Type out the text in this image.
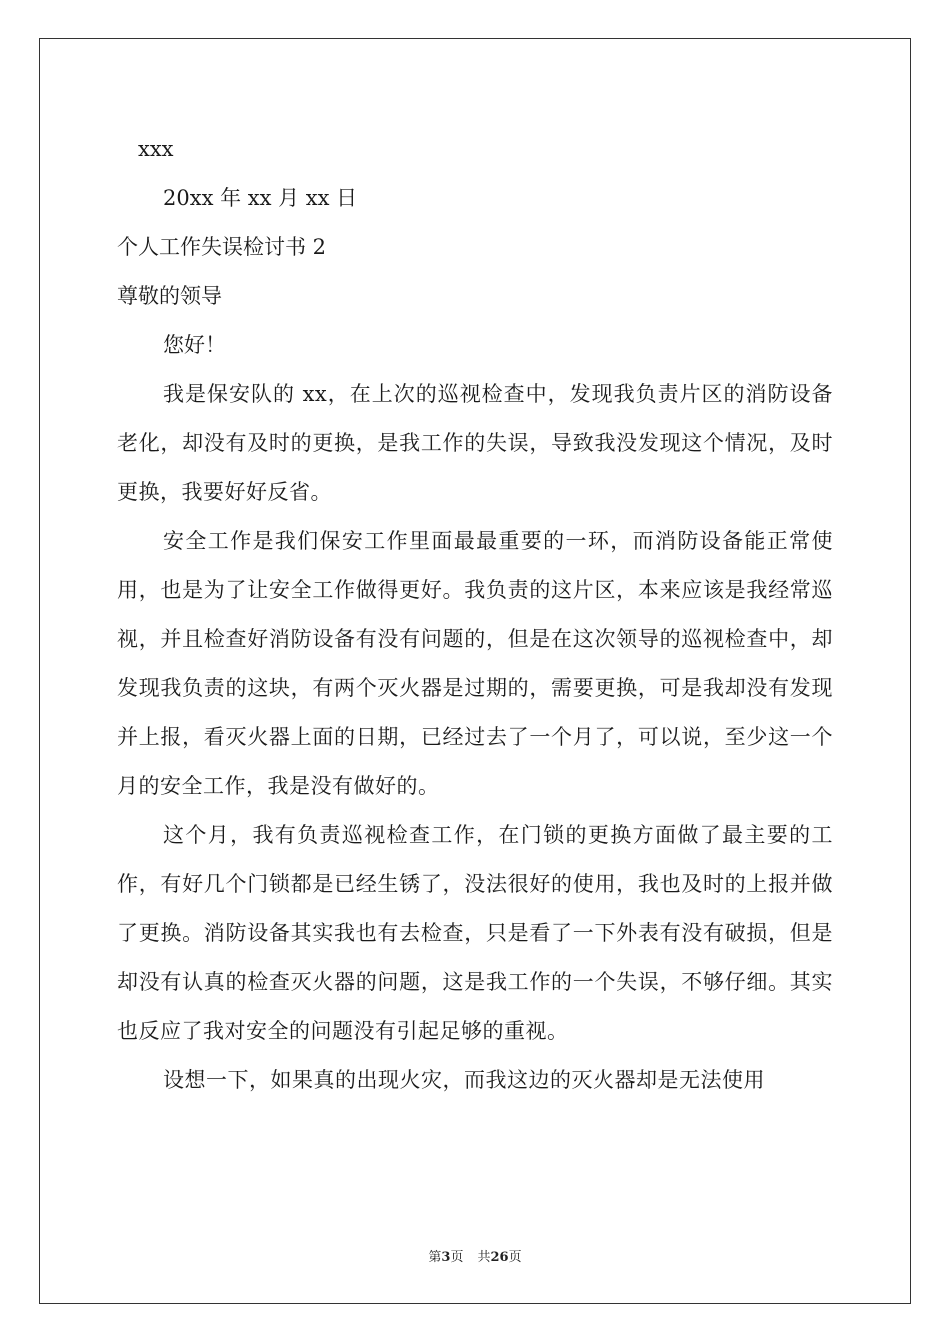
xxx

20xx 年 xx 月 xx 日

个人工作失误检讨书 2

尊敬的领导

您好！

我是保安队的 xx，在上次的巡视检查中，发现我负责片区的消防设备老化，却没有及时的更换，是我工作的失误，导致我没发现这个情况，及时更换，我要好好反省。

安全工作是我们保安工作里面最最重要的一环，而消防设备能正常使用，也是为了让安全工作做得更好。我负责的这片区，本来应该是我经常巡视，并且检查好消防设备有没有问题的，但是在这次领导的巡视检查中，却发现我负责的这块，有两个灭火器是过期的，需要更换，可是我却没有发现并上报，看灭火器上面的日期，已经过去了一个月了，可以说，至少这一个月的安全工作，我是没有做好的。

这个月，我有负责巡视检查工作，在门锁的更换方面做了最主要的工作，有好几个门锁都是已经生锈了，没法很好的使用，我也及时的上报并做了更换。消防设备其实我也有去检查，只是看了一下外表有没有破损，但是却没有认真的检查灭火器的问题，这是我工作的一个失误，不够仔细。其实也反应了我对安全的问题没有引起足够的重视。

设想一下，如果真的出现火灾，而我这边的灭火器却是无法使用

第3页 共26页
